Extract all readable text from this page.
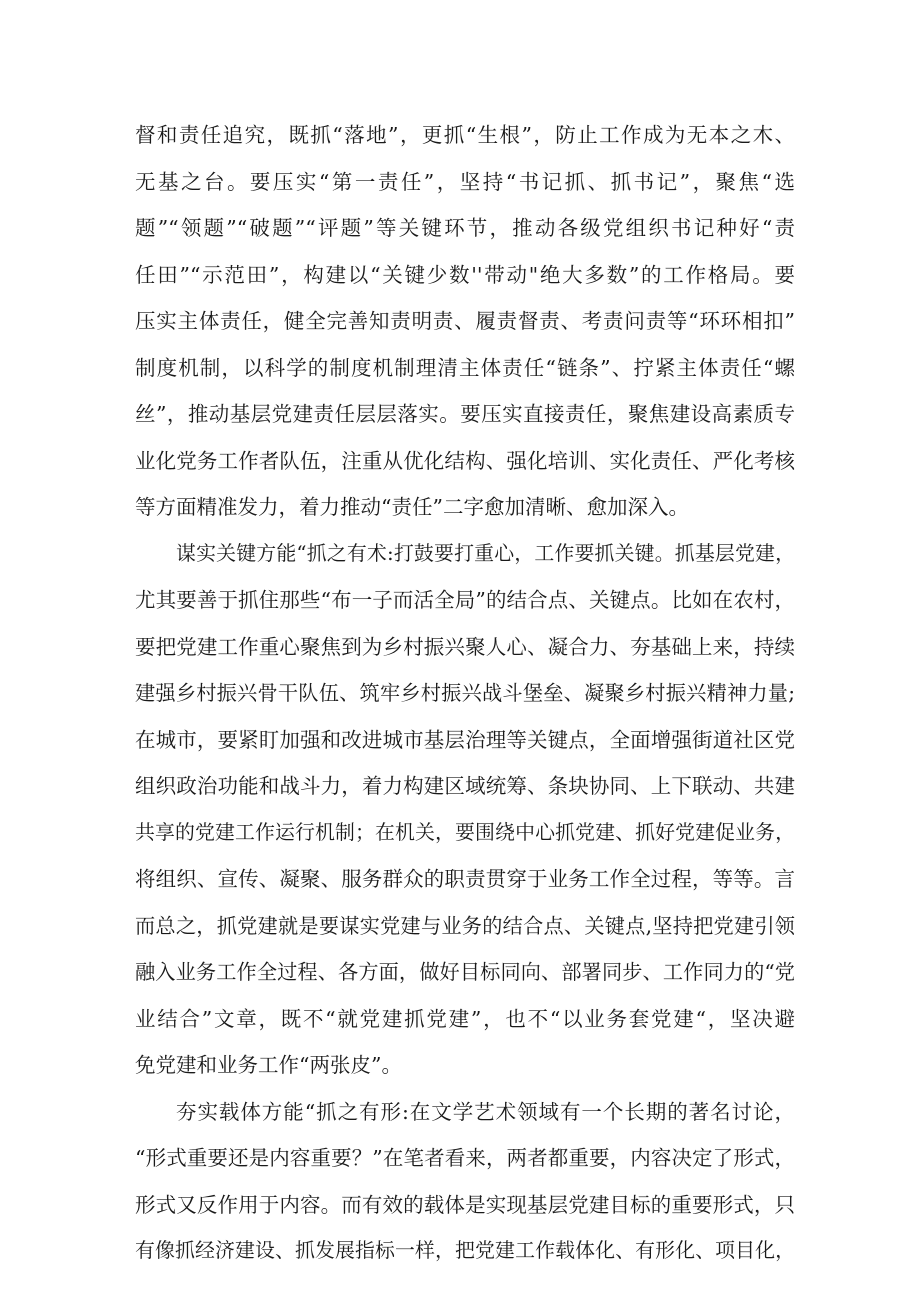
督和责任追究，既抓“落地”，更抓“生根”，防止工作成为无本之木、
无基之台。要压实“第一责任”，坚持“书记抓、抓书记”，聚焦“选
题”“领题”“破题”“评题”等关键环节，推动各级党组织书记种好“责
任田”“示范田”，构建以“关键少数''带动"绝大多数”的工作格局。要
压实主体责任，健全完善知责明责、履责督责、考责问责等“环环相扣”
制度机制，以科学的制度机制理清主体责任“链条”、拧紧主体责任“螺
丝”，推动基层党建责任层层落实。要压实直接责任，聚焦建设高素质专
业化党务工作者队伍，注重从优化结构、强化培训、实化责任、严化考核
等方面精准发力，着力推动“责任”二字愈加清晰、愈加深入。
谋实关键方能“抓之有术:打鼓要打重心，工作要抓关键。抓基层党建，
尤其要善于抓住那些“布一子而活全局”的结合点、关键点。比如在农村，
要把党建工作重心聚焦到为乡村振兴聚人心、凝合力、夯基础上来，持续
建强乡村振兴骨干队伍、筑牢乡村振兴战斗堡垒、凝聚乡村振兴精神力量;
在城市，要紧盯加强和改进城市基层治理等关键点，全面增强街道社区党
组织政治功能和战斗力，着力构建区域统筹、条块协同、上下联动、共建
共享的党建工作运行机制；在机关，要围绕中心抓党建、抓好党建促业务，
将组织、宣传、凝聚、服务群众的职责贯穿于业务工作全过程，等等。言
而总之，抓党建就是要谋实党建与业务的结合点、关键点,坚持把党建引领
融入业务工作全过程、各方面，做好目标同向、部署同步、工作同力的“党
业结合”文章，既不“就党建抓党建”，也不“以业务套党建“，坚决避
免党建和业务工作“两张皮”。
夯实载体方能“抓之有形:在文学艺术领域有一个长期的著名讨论，
“形式重要还是内容重要？”在笔者看来，两者都重要，内容决定了形式，
形式又反作用于内容。而有效的载体是实现基层党建目标的重要形式，只
有像抓经济建设、抓发展指标一样，把党建工作载体化、有形化、项目化，
